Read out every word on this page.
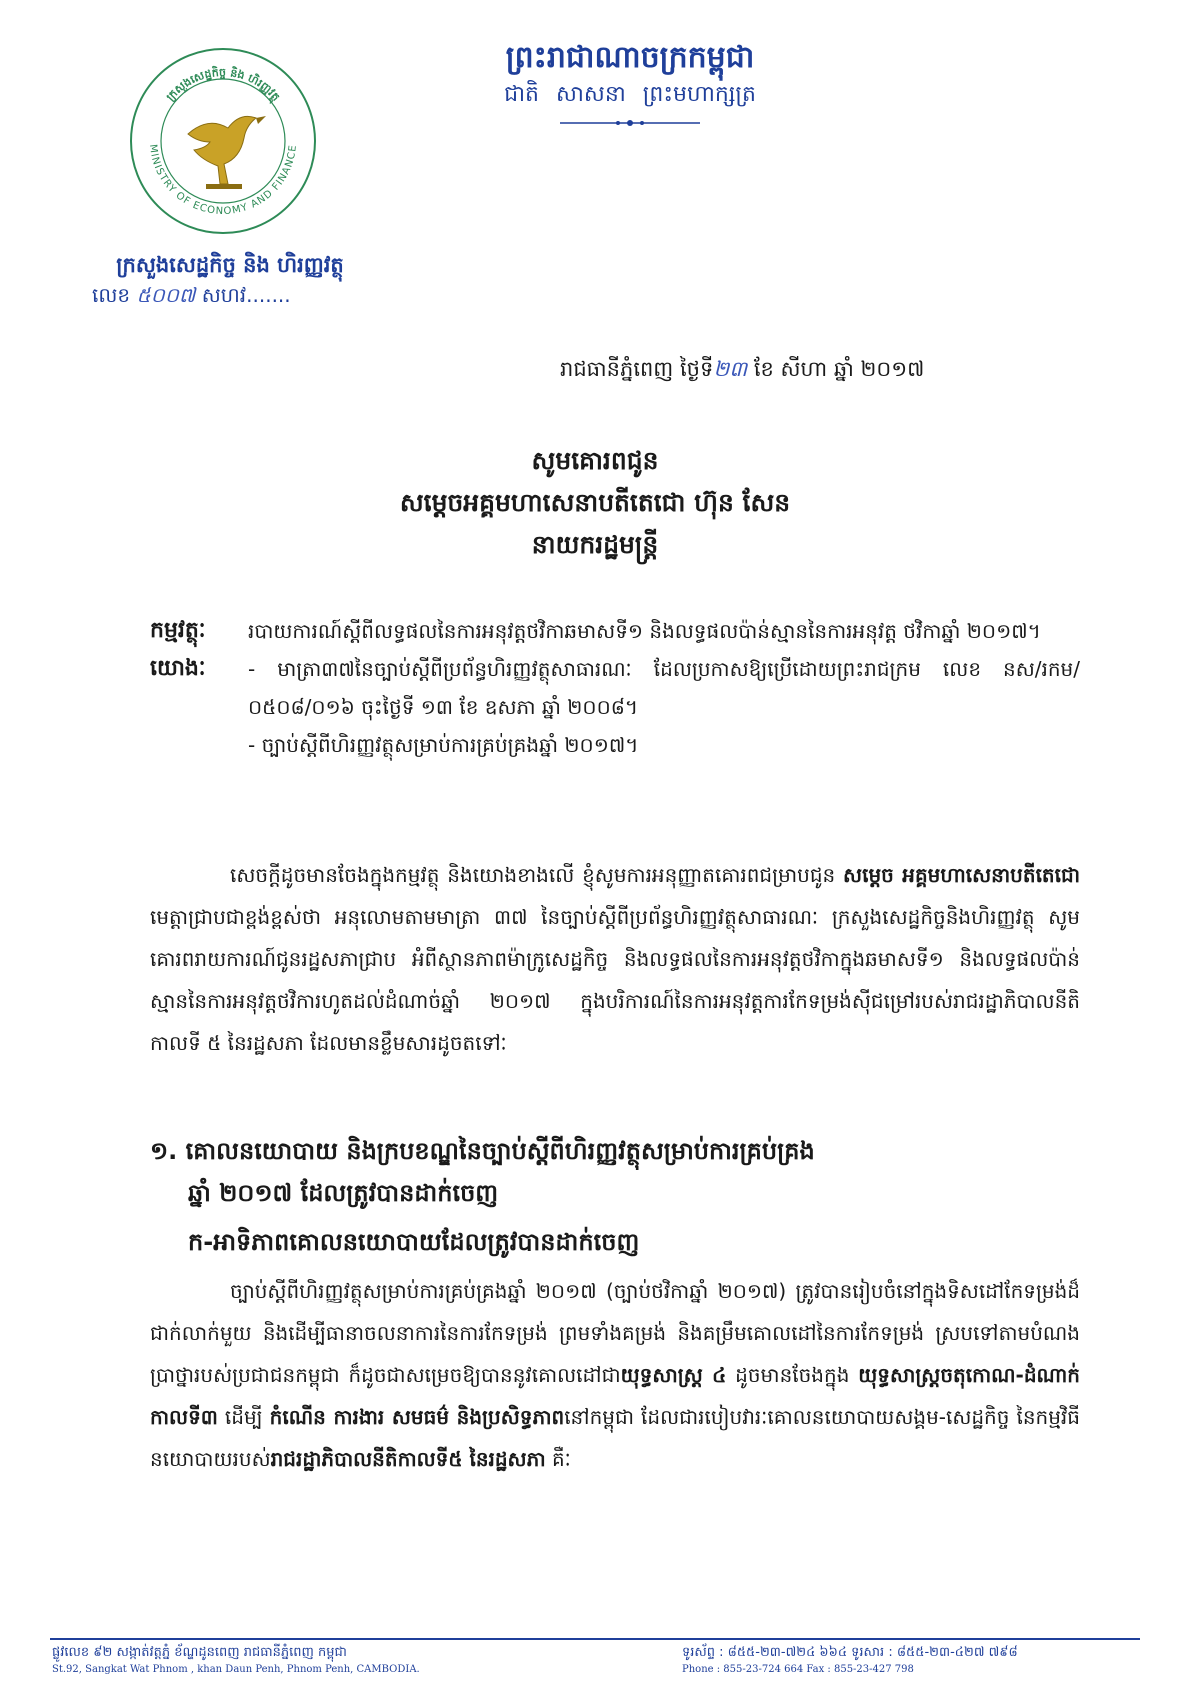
ព្រះរាជាណាចក្រកម្ពុជា
ជាតិ សាសនា ព្រះមហាក្សត្រ
MINISTRY OF ECONOMY AND FINANCE
ក្រសួងសេដ្ឋកិច្ច និង ហិរញ្ញវត្ថុ
ក្រសួងសេដ្ឋកិច្ច និង ហិរញ្ញវត្ថុ
លេខ ៥០០៧ សហវ.......
រាជធានីភ្នំពេញ ថ្ងៃទី២៣ ខែ សីហា ឆ្នាំ ២០១៧
សូមគោរពជូន
សម្តេចអគ្គមហាសេនាបតីតេជោ ហ៊ុន សែន
នាយករដ្ឋមន្ត្រី
កម្មវត្ថុៈ	របាយការណ៍ស្តីពីលទ្ធផលនៃការអនុវត្តថវិកាឆមាសទី១ និងលទ្ធផលប៉ាន់ស្មាននៃការអនុវត្ត ថវិកាឆ្នាំ ២០១៧។
យោងៈ	- មាត្រា៣៧នៃច្បាប់ស្តីពីប្រព័ន្ធហិរញ្ញវត្ថុសាធារណៈ ដែលប្រកាសឱ្យប្រើដោយព្រះរាជក្រម លេខ នស/រកម/០៥០៨/០១៦ ចុះថ្ងៃទី ១៣ ខែ ឧសភា ឆ្នាំ ២០០៨។

- ច្បាប់ស្តីពីហិរញ្ញវត្ថុសម្រាប់ការគ្រប់គ្រងឆ្នាំ ២០១៧។

សេចក្តីដូចមានចែងក្នុងកម្មវត្ថុ និងយោងខាងលើ ខ្ញុំសូមការអនុញ្ញាតគោរពជម្រាបជូន សម្តេច អគ្គមហាសេនាបតីតេជោ មេត្តាជ្រាបជាខ្ពង់ខ្ពស់ថា អនុលោមតាមមាត្រា ៣៧ នៃច្បាប់ស្តីពីប្រព័ន្ធហិរញ្ញវត្ថុសាធារណៈ ក្រសួងសេដ្ឋកិច្ចនិងហិរញ្ញវត្ថុ សូមគោរពរាយការណ៍ជូនរដ្ឋសភាជ្រាប អំពីស្ថានភាពម៉ាក្រូសេដ្ឋកិច្ច និងលទ្ធផលនៃការអនុវត្តថវិកាក្នុងឆមាសទី១ និងលទ្ធផលប៉ាន់ស្មាននៃការអនុវត្តថវិការហូតដល់ដំណាច់ឆ្នាំ ២០១៧ ក្នុងបរិការណ៍នៃការអនុវត្តការកែទម្រង់ស៊ីជម្រៅរបស់រាជរដ្ឋាភិបាលនីតិកាលទី ៥ នៃរដ្ឋសភា ដែលមានខ្លឹមសារដូចតទៅៈ

១. គោលនយោបាយ និងក្របខណ្ឌនៃច្បាប់ស្តីពីហិរញ្ញវត្ថុសម្រាប់ការគ្រប់គ្រង
ឆ្នាំ ២០១៧ ដែលត្រូវបានដាក់ចេញ
ក-អាទិភាពគោលនយោបាយដែលត្រូវបានដាក់ចេញ

ច្បាប់ស្តីពីហិរញ្ញវត្ថុសម្រាប់ការគ្រប់គ្រងឆ្នាំ ២០១៧ (ច្បាប់ថវិកាឆ្នាំ ២០១៧) ត្រូវបានរៀបចំនៅក្នុងទិសដៅកែទម្រង់ដ៏ជាក់លាក់មួយ និងដើម្បីធានាចលនាការនៃការកែទម្រង់ ព្រមទាំងគម្រង់ និងគម្រឹមគោលដៅនៃការកែទម្រង់ ស្របទៅតាមបំណងប្រាថ្នារបស់ប្រជាជនកម្ពុជា ក៏ដូចជាសម្រេចឱ្យបាននូវគោលដៅជាយុទ្ធសាស្ត្រ ៤ ដូចមានចែងក្នុង យុទ្ធសាស្ត្រចតុកោណ-ដំណាក់កាលទី៣ ដើម្បី កំណើន ការងារ សមធម៌ និងប្រសិទ្ធភាពនៅកម្ពុជា ដែលជារបៀបវារៈគោលនយោបាយសង្គម-សេដ្ឋកិច្ច នៃកម្មវិធីនយោបាយរបស់រាជរដ្ឋាភិបាលនីតិកាលទី៥ នៃរដ្ឋសភា គឺៈ

ផ្លូវលេខ ៩២ សង្កាត់វត្តភ្នំ ខ័ណ្ឌដូនពេញ រាជធានីភ្នំពេញ កម្ពុជា
St.92, Sangkat Wat Phnom , khan Daun Penh, Phnom Penh, CAMBODIA.
ទូរស័ព្ទ : ៨៥៥-២៣-៧២៤ ៦៦៤ ទូរសារ : ៨៥៥-២៣-៤២៧ ៧៩៨
Phone : 855-23-724 664 Fax : 855-23-427 798
